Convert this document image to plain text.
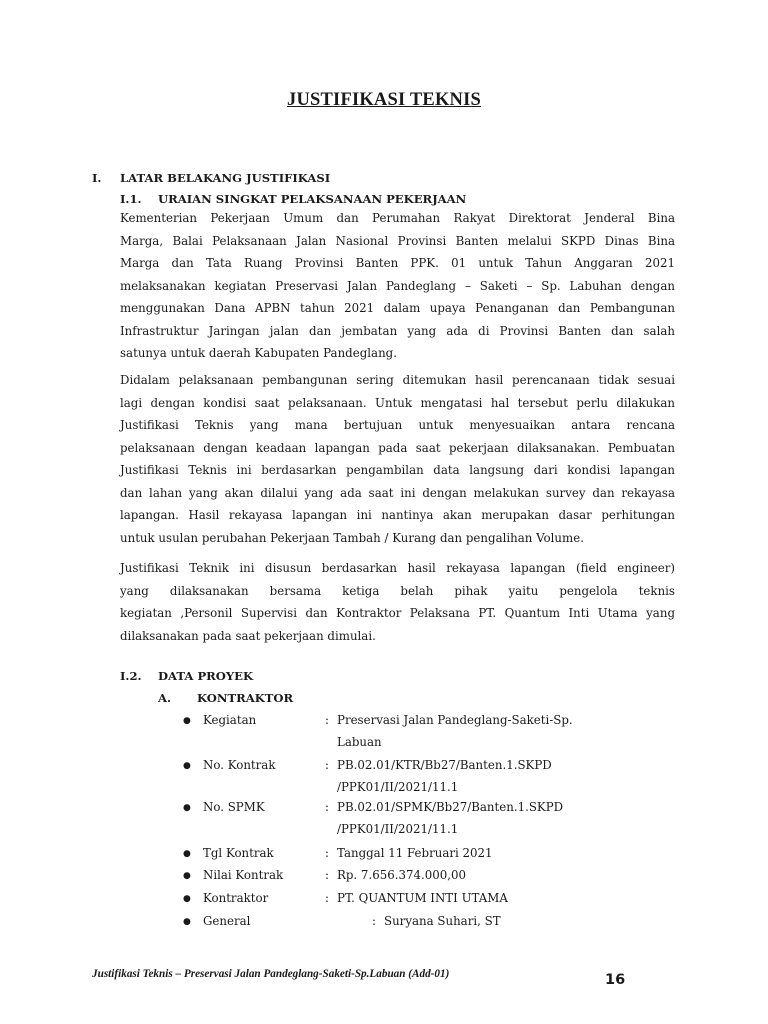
JUSTIFIKASI TEKNIS
I. LATAR BELAKANG JUSTIFIKASI
I.1. URAIAN SINGKAT PELAKSANAAN PEKERJAAN
Kementerian Pekerjaan Umum dan Perumahan Rakyat Direktorat Jenderal Bina
Marga, Balai Pelaksanaan Jalan Nasional Provinsi Banten melalui SKPD Dinas Bina
Marga dan Tata Ruang Provinsi Banten PPK. 01 untuk Tahun Anggaran 2021
melaksanakan kegiatan Preservasi Jalan Pandeglang – Saketi – Sp. Labuhan dengan
menggunakan Dana APBN tahun 2021 dalam upaya Penanganan dan Pembangunan
Infrastruktur Jaringan jalan dan jembatan yang ada di Provinsi Banten dan salah
satunya untuk daerah Kabupaten Pandeglang.
Didalam pelaksanaan pembangunan sering ditemukan hasil perencanaan tidak sesuai
lagi dengan kondisi saat pelaksanaan. Untuk mengatasi hal tersebut perlu dilakukan
Justifikasi Teknis yang mana bertujuan untuk menyesuaikan antara rencana
pelaksanaan dengan keadaan lapangan pada saat pekerjaan dilaksanakan. Pembuatan
Justifikasi Teknis ini berdasarkan pengambilan data langsung dari kondisi lapangan
dan lahan yang akan dilalui yang ada saat ini dengan melakukan survey dan rekayasa
lapangan. Hasil rekayasa lapangan ini nantinya akan merupakan dasar perhitungan
untuk usulan perubahan Pekerjaan Tambah / Kurang dan pengalihan Volume.
Justifikasi Teknik ini disusun berdasarkan hasil rekayasa lapangan (field engineer)
yang dilaksanakan bersama ketiga belah pihak yaitu pengelola teknis
kegiatan ,Personil Supervisi dan Kontraktor Pelaksana PT. Quantum Inti Utama yang
dilaksanakan pada saat pekerjaan dimulai.
I.2. DATA PROYEK
A. KONTRAKTOR
● Kegiatan	: Preservasi Jalan Pandeglang-Saketi-Sp.
Labuan
● No. Kontrak	: PB.02.01/KTR/Bb27/Banten.1.SKPD
/PPK01/II/2021/11.1
● No. SPMK	: PB.02.01/SPMK/Bb27/Banten.1.SKPD
/PPK01/II/2021/11.1
● Tgl Kontrak	: Tanggal 11 Februari 2021
● Nilai Kontrak	: Rp. 7.656.374.000,00
● Kontraktor	: PT. QUANTUM INTI UTAMA
● General	: Suryana Suhari, ST
Justifikasi Teknis – Preservasi Jalan Pandeglang-Saketi-Sp.Labuan (Add-01)	16
